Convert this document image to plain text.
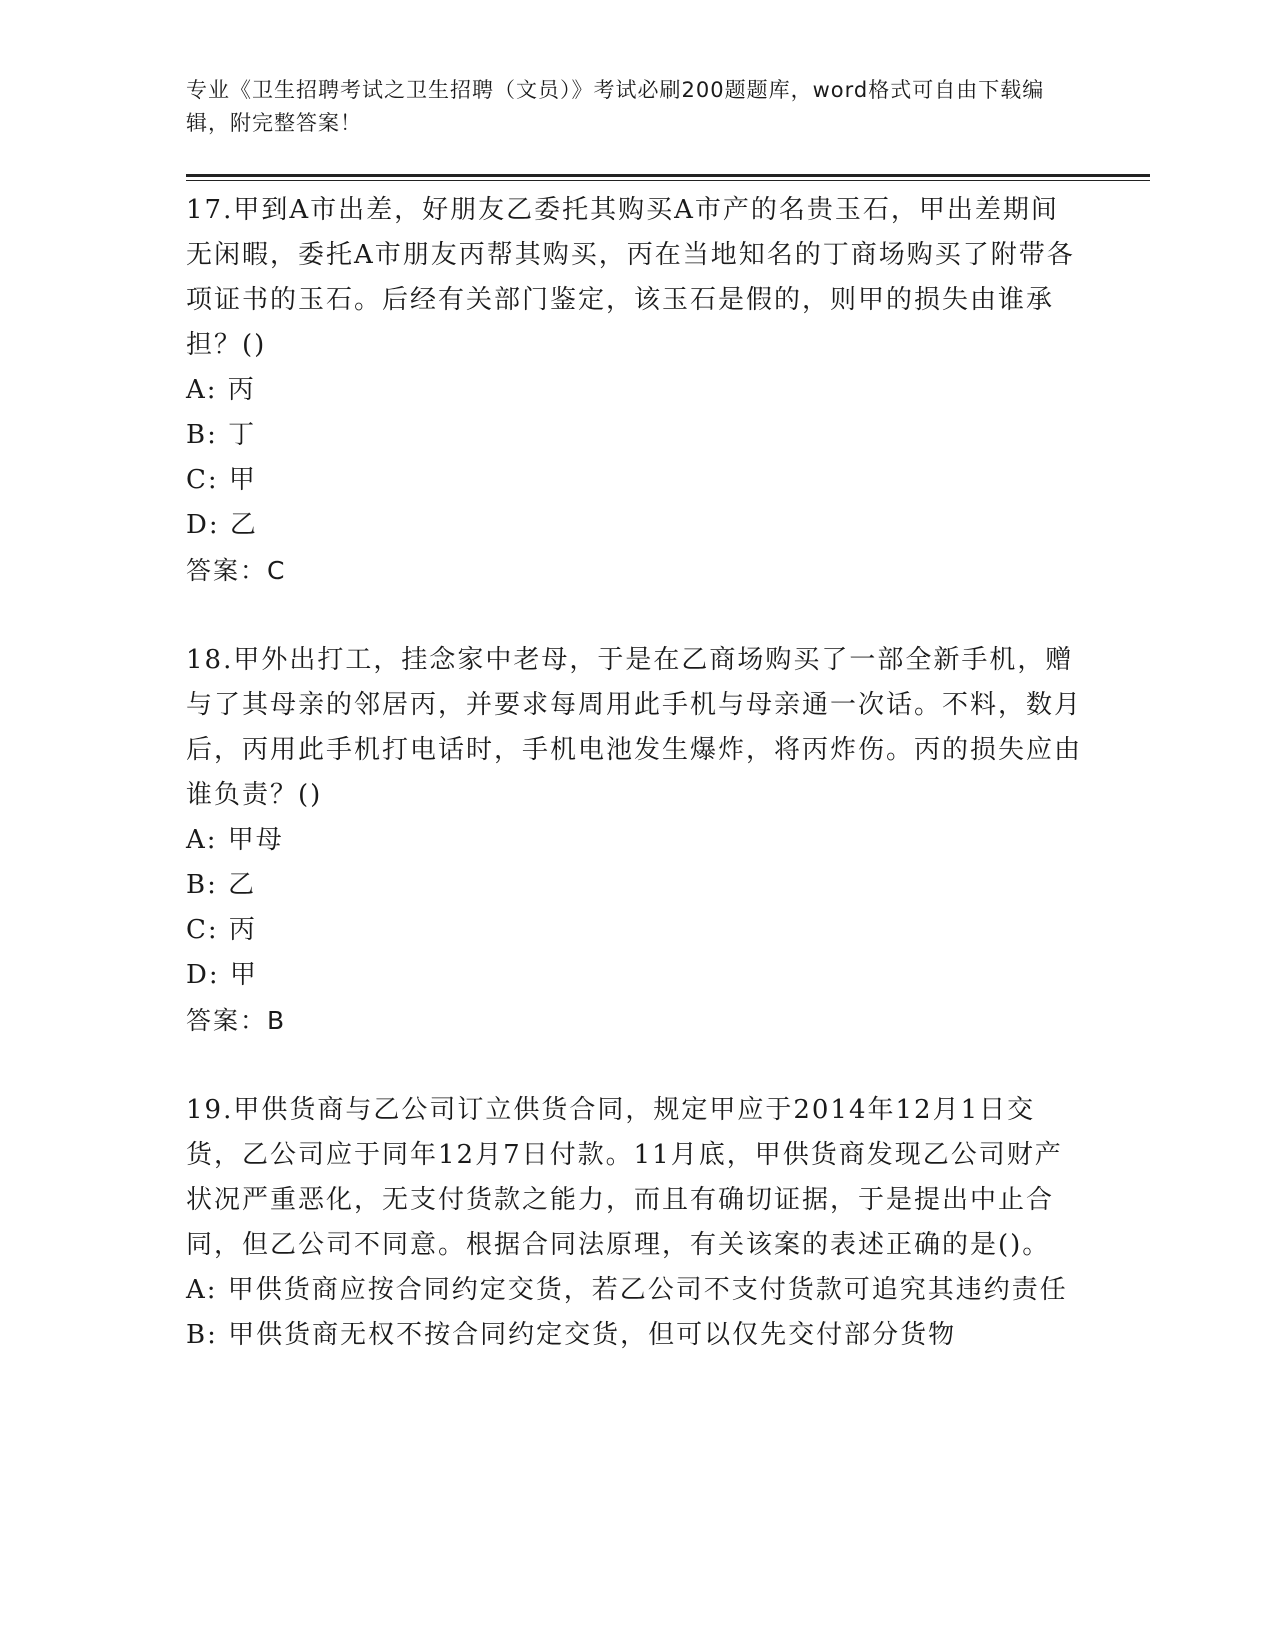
专业《卫生招聘考试之卫生招聘（文员）》考试必刷200题题库，word格式可自由下载编辑，附完整答案！

17.甲到A市出差，好朋友乙委托其购买A市产的名贵玉石，甲出差期间无闲暇，委托A市朋友丙帮其购买，丙在当地知名的丁商场购买了附带各项证书的玉石。后经有关部门鉴定，该玉石是假的，则甲的损失由谁承担？()

A: 丙

B: 丁

C: 甲

D: 乙

答案：C

18.甲外出打工，挂念家中老母，于是在乙商场购买了一部全新手机，赠与了其母亲的邻居丙，并要求每周用此手机与母亲通一次话。不料，数月后，丙用此手机打电话时，手机电池发生爆炸，将丙炸伤。丙的损失应由谁负责？()

A: 甲母

B: 乙

C: 丙

D: 甲

答案：B

19.甲供货商与乙公司订立供货合同，规定甲应于2014年12月1日交货，乙公司应于同年12月7日付款。11月底，甲供货商发现乙公司财产状况严重恶化，无支付货款之能力，而且有确切证据，于是提出中止合同，但乙公司不同意。根据合同法原理，有关该案的表述正确的是()。

A: 甲供货商应按合同约定交货，若乙公司不支付货款可追究其违约责任

B: 甲供货商无权不按合同约定交货，但可以仅先交付部分货物
